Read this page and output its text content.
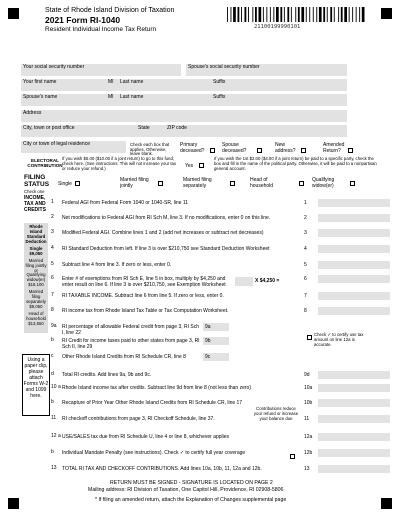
State of Rhode Island Division of Taxation
2021 Form RI-1040
Resident Individual Income Tax Return	21100199990101
Your social security number	Spouse's social security number
Your first name	MI Last name	Suffix
Spouse's name	MI Last name	Suffix
Address
City, town or post office	State	ZIP code
City or town of legal residence	Check each box that applies. Otherwise, leave blank.
Primary deceased?
Spouse deceased?
New address?
Amended Return?
ELECTORAL CONTRIBUTION
If you wish $5.00 ($10.00 if a joint return) to go to this fund, check here. (See instructions. This will not increase your tax or reduce your refund.)	Yes
If you wish the 1st $2.00 ($4.00 if a joint return) be paid to a specific party, check the box and fill in the name of the political party. Otherwise, it will be paid to a nonpartisan general account.
FILING STATUS
Check one
Single
Married filing jointly
Married filing separately
Head of household
Qualifying widow(er)
INCOME, TAX AND CREDITS
Rhode Island Standard Deduction
Single $9,050
Married filing jointly or Qualifying widow(er) $18,100
Married filing separately $9,050
Head of household $13,550
Using a paper clip, please attach Forms W-2 and 1099 here.
1 Federal AGI from Federal Form 1040 or 1040-SR, line 11	1
2 Net modifications to Federal AGI from RI Sch M, line 3. If no modifications, enter 0 on this line.	2
3 Modified Federal AGI. Combine lines 1 and 2 (add net increases or subtract net decreases)	3
4 RI Standard Deduction from left. If line 3 is over $210,750 see Standard Deduction Worksheet	4
5 Subtract line 4 from line 3. If zero or less, enter 0.	5
6 Enter # of exemptions from RI Sch E, line 5 in box, multiply by $4,250 and enter result on line 6. If line 3 is over $210,750, see Exemption Worksheet
6
7 RI TAXABLE INCOME. Subtract line 6 from line 5. If zero or less, enter 0.	7
8 RI income tax from Rhode Island Tax Table or Tax Computation Worksheet.	8
9a RI percentage of allowable Federal credit from page 3, RI Sch I, line 22
9a
b RI Credit for income taxes paid to other states from page 3, RI Sch II, line 29
9b
c Other Rhode Island Credits from RI Schedule CR, line 8	9c
d Total RI credits. Add lines 9a, 9b and 9c.	9d
10 a Rhode Island income tax after credits. Subtract line 9d from line 8 (not less than zero)	10a
b Recapture of Prior Year Other Rhode Island Credits from RI Schedule CR, line 17	10b
11 RI checkoff contributions from page 3, RI Checkoff Schedule, line 37.	11
12 a USE/SALES tax due from RI Schedule U, line 4 or line 8, whichever applies	12a
b Individual Mandate Penalty (see instructions). Check ✓ to certify full year coverage	12b
13 TOTAL RI TAX AND CHECKOFF CONTRIBUTIONS. Add lines 10a, 10b, 11, 12a and 12b.	13
X $4,250 =
Check ✓ to certify use tax amount on line 12a is accurate.
Contributions reduce your refund or increase your balance due
RETURN MUST BE SIGNED - SIGNATURE IS LOCATED ON PAGE 2
Mailing address: RI Division of Taxation, One Capitol Hill, Providence, RI 02908-5806
* If filing an amended return, attach the Explanation of Changes supplemental page
